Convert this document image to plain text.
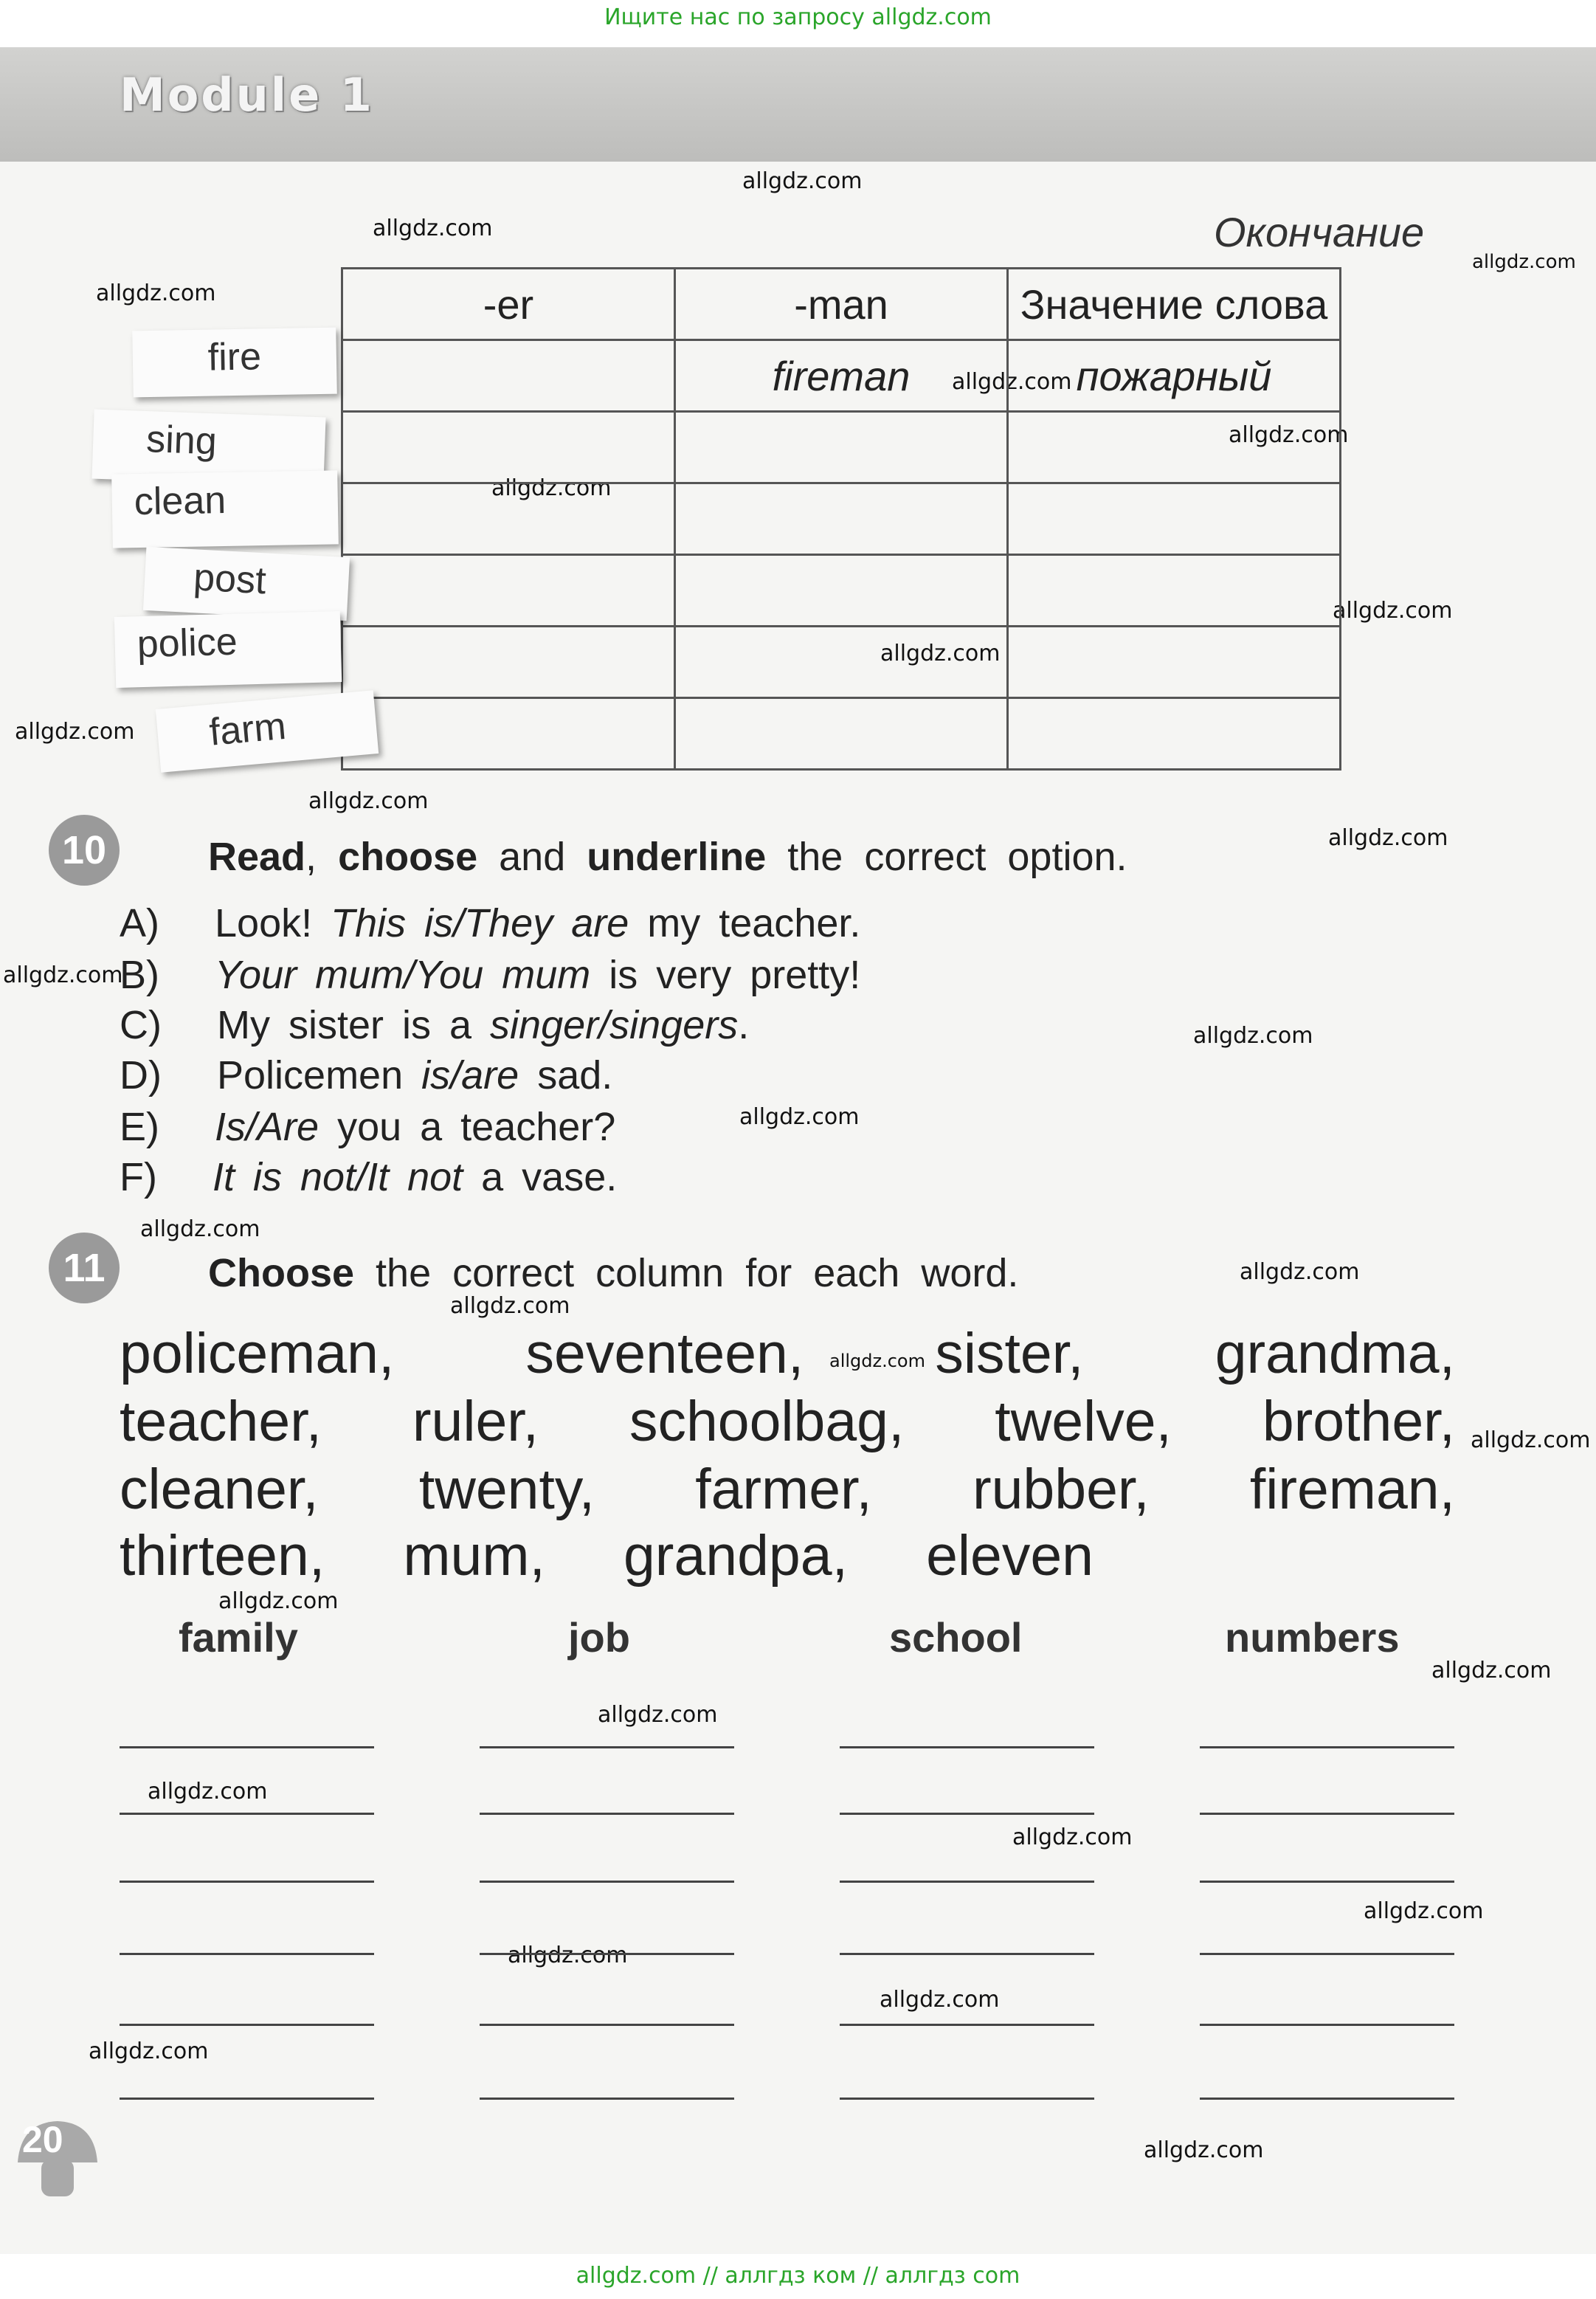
Ищите нас по запросу allgdz.com
Module 1
allgdz.com
allgdz.com
allgdz.com
allgdz.com
allgdz.com
allgdz.com
allgdz.com
allgdz.com
allgdz.com
allgdz.com
allgdz.com
allgdz.com
allgdz.com
allgdz.com
allgdz.com
allgdz.com
allgdz.com
allgdz.com
allgdz.com
allgdz.com
allgdz.com
allgdz.com
allgdz.com
allgdz.com
allgdz.com
allgdz.com
allgdz.com
allgdz.com
allgdz.com
allgdz.com
Окончание
-er	-man	Значение слова
	fireman	пожарный

fire
sing
clean
post
police
farm
10	Read, choose and underline the correct option.
A) Look! This is/They are my teacher.
B) Your mum/You mum is very pretty!
C) My sister is a singer/singers.
D) Policemen is/are sad.
E) Is/Are you a teacher?
F) It is not/It not a vase.
11	Choose the correct column for each word.
policeman, seventeen, sister, grandma,
teacher, ruler, schoolbag, twelve, brother,
cleaner, twenty, farmer, rubber, fireman,
thirteen, mum, grandpa, eleven
family	job	school	numbers
20
allgdz.com // аллгдз ком // аллгдз com
